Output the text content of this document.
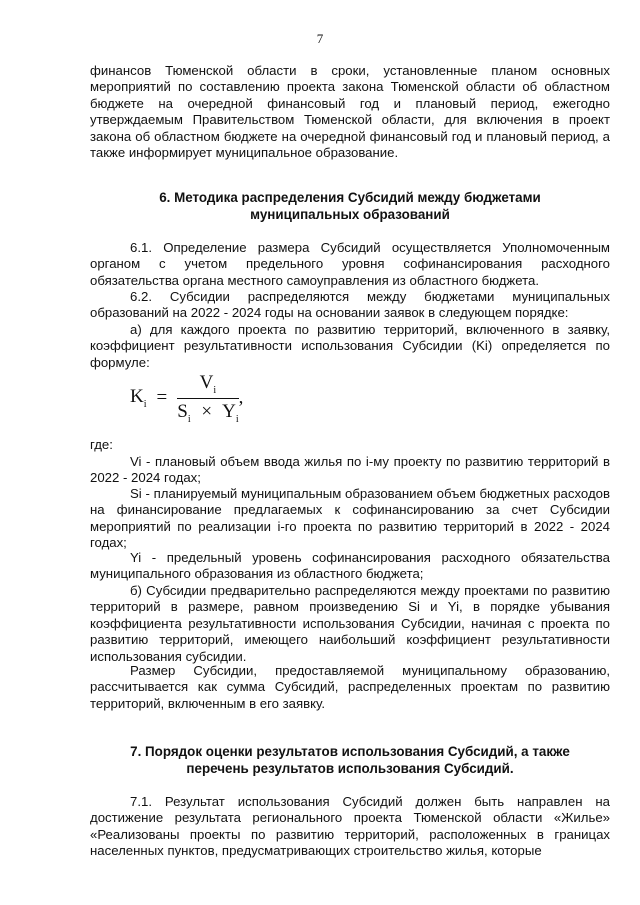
7

финансов Тюменской области в сроки, установленные планом основных мероприятий по составлению проекта закона Тюменской области об областном бюджете на очередной финансовый год и плановый период, ежегодно утверждаемым Правительством Тюменской области, для включения в проект закона об областном бюджете на очередной финансовый год и плановый период, а также информирует муниципальное образование.

6. Методика распределения Субсидий между бюджетами
муниципальных образований

6.1. Определение размера Субсидий осуществляется Уполномоченным органом с учетом предельного уровня софинансирования расходного обязательства органа местного самоуправления из областного бюджета.

6.2. Субсидии распределяются между бюджетами муниципальных образований на 2022 - 2024 годы на основании заявок в следующем порядке:

а) для каждого проекта по развитию территорий, включенного в заявку, коэффициент результативности использования Субсидии (Ki) определяется по формуле:

$K_i = \frac{V_i}{S_i \times Y_i}$ ,

где:

Vi - плановый объем ввода жилья по i-му проекту по развитию территорий в 2022 - 2024 годах;

Si - планируемый муниципальным образованием объем бюджетных расходов на финансирование предлагаемых к софинансированию за счет Субсидии мероприятий по реализации i-го проекта по развитию территорий в 2022 - 2024 годах;

Yi - предельный уровень софинансирования расходного обязательства муниципального образования из областного бюджета;

б) Субсидии предварительно распределяются между проектами по развитию территорий в размере, равном произведению Si и Yi, в порядке убывания коэффициента результативности использования Субсидии, начиная с проекта по развитию территорий, имеющего наибольший коэффициент результативности использования субсидии.

Размер Субсидии, предоставляемой муниципальному образованию, рассчитывается как сумма Субсидий, распределенных проектам по развитию территорий, включенным в его заявку.

7. Порядок оценки результатов использования Субсидий, а также
перечень результатов использования Субсидий.

7.1. Результат использования Субсидий должен быть направлен на достижение результата регионального проекта Тюменской области «Жилье» «Реализованы проекты по развитию территорий, расположенных в границах населенных пунктов, предусматривающих строительство жилья, которые
